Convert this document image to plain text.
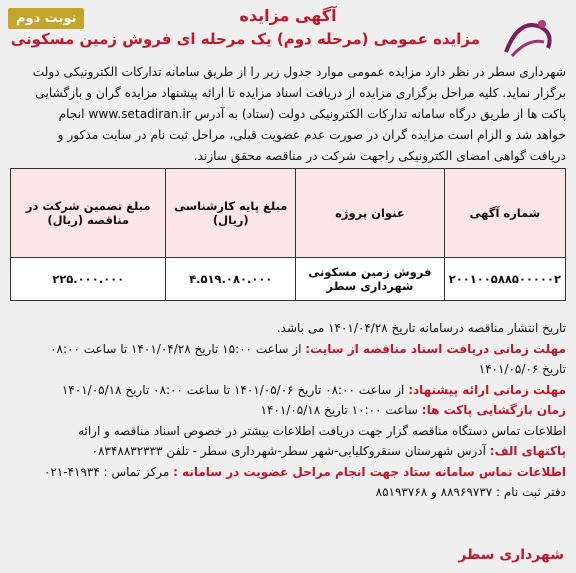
نوبت دوم	آگهی مزایده
مزایده عمومی (مرحله دوم) یک مرحله ای فروش زمین مسکونی
شهرداری سطر در نظر دارد مزایده عمومی موارد جدول زیر را از طریق سامانه تدارکات الکترونیکی دولت
برگزار نماید. کلیه مراحل برگزاری مزایده از دریافت اسناد مزایده تا ارائه پیشنهاد مزایده گران و بازگشایی
پاکت ها از طریق درگاه سامانه تدارکات الکترونیکی دولت (ستاد) به آدرس www.setadiran.ir انجام
خواهد شد و الزام است مزایده گران در صورت عدم عضویت قبلی، مراحل ثبت نام در سایت مذکور و
دریافت گواهی امضای الکترونیکی راجهت شرکت در مناقصه محقق سازند.
شماره آگهی	عنوان پروژه	مبلغ پایه کارشناسی (ریال)	مبلغ تضمین شرکت در مناقصه (ریال)
۲۰۰۱۰۰۵۸۸۵۰۰۰۰۰۲	فروش زمین مسکونی شهرداری سطر	۴.۵۱۹.۰۸۰.۰۰۰	۲۲۵.۰۰۰.۰۰۰
تاریخ انتشار مناقصه درسامانه تاریخ ۱۴۰۱/۰۴/۲۸ می باشد.
مهلت زمانی دریافت اسناد مناقصه از سایت: از ساعت ۱۵:۰۰ تاریخ ۱۴۰۱/۰۴/۲۸ تا ساعت ۰۸:۰۰
تاریخ ۱۴۰۱/۰۵/۰۶
مهلت زمانی ارائه پیشنهاد: از ساعت ۰۸:۰۰ تاریخ ۱۴۰۱/۰۵/۰۶ تا ساعت ۰۸:۰۰ تاریخ ۱۴۰۱/۰۵/۱۸
زمان بازگشایی پاکت ها: ساعت ۱۰:۰۰ تاریخ ۱۴۰۱/۰۵/۱۸
اطلاعات تماس دستگاه مناقصه گزار جهت دریافت اطلاعات بیشتر در خصوص اسناد مناقصه و ارائه
پاکتهای الف: آدرس شهرستان سنقروکلیایی-شهر سطر-شهرداری سطر - تلفن ۰۸۳۴۸۸۳۲۳۳۳
اطلاعات تماس سامانه ستاد جهت انجام مراحل عضویت در سامانه : مرکز تماس : ۴۱۹۳۴-۰۲۱
دفتر ثبت نام : ۸۸۹۶۹۷۳۷ و ۸۵۱۹۳۷۶۸
شهرداری سطر
